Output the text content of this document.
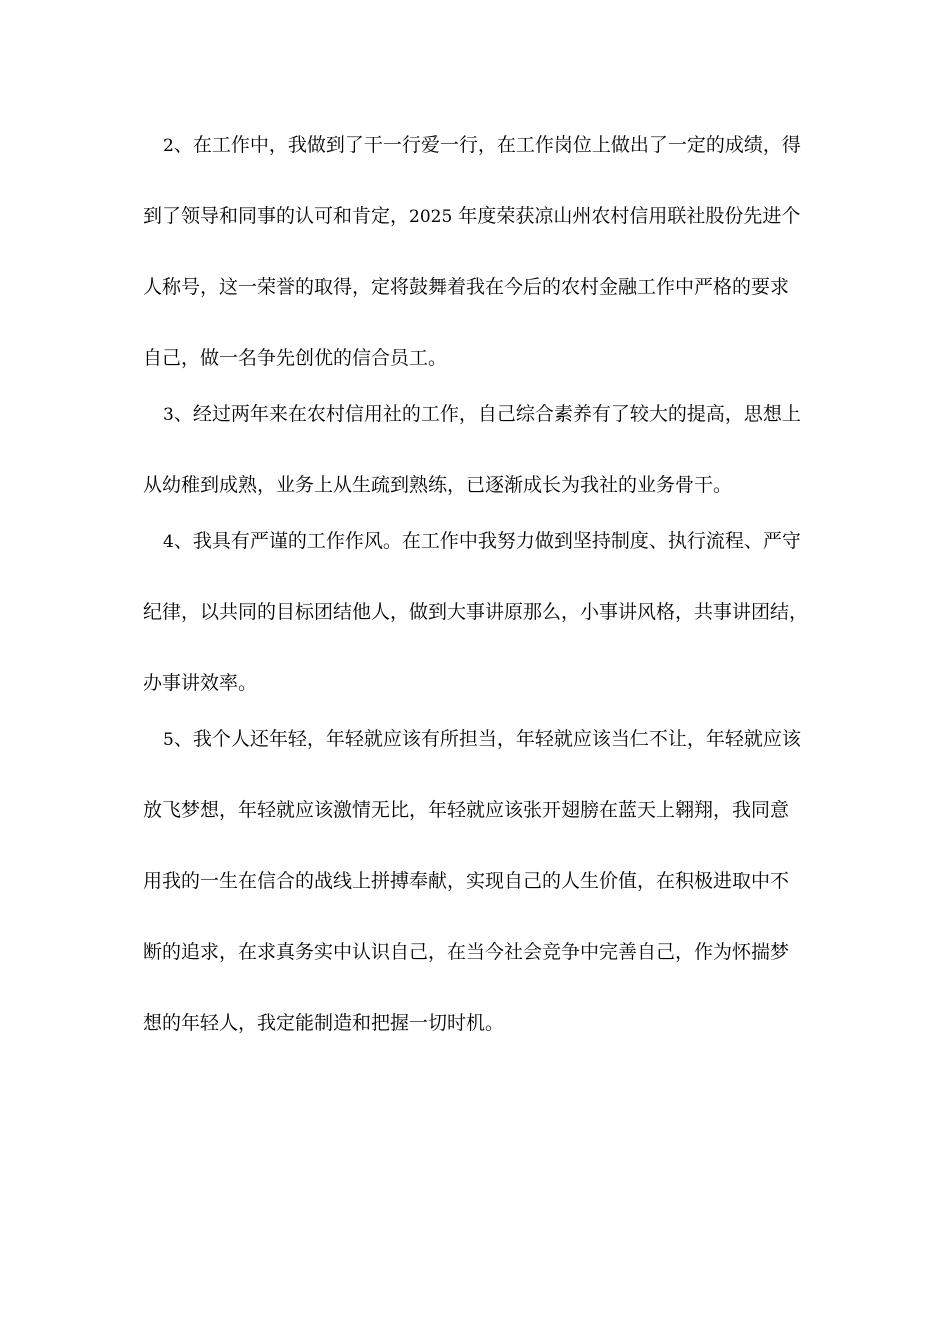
2、在工作中，我做到了干一行爱一行，在工作岗位上做出了一定的成绩，得
到了领导和同事的认可和肯定，2025 年度荣获凉山州农村信用联社股份先进个
人称号，这一荣誉的取得，定将鼓舞着我在今后的农村金融工作中严格的要求
自己，做一名争先创优的信合员工。
3、经过两年来在农村信用社的工作，自己综合素养有了较大的提高，思想上
从幼稚到成熟，业务上从生疏到熟练，已逐渐成长为我社的业务骨干。
4、我具有严谨的工作作风。在工作中我努力做到坚持制度、执行流程、严守
纪律，以共同的目标团结他人，做到大事讲原那么，小事讲风格，共事讲团结，
办事讲效率。
5、我个人还年轻，年轻就应该有所担当，年轻就应该当仁不让，年轻就应该
放飞梦想，年轻就应该激情无比，年轻就应该张开翅膀在蓝天上翱翔，我同意
用我的一生在信合的战线上拼搏奉献，实现自己的人生价值，在积极进取中不
断的追求，在求真务实中认识自己，在当今社会竞争中完善自己，作为怀揣梦
想的年轻人，我定能制造和把握一切时机。
